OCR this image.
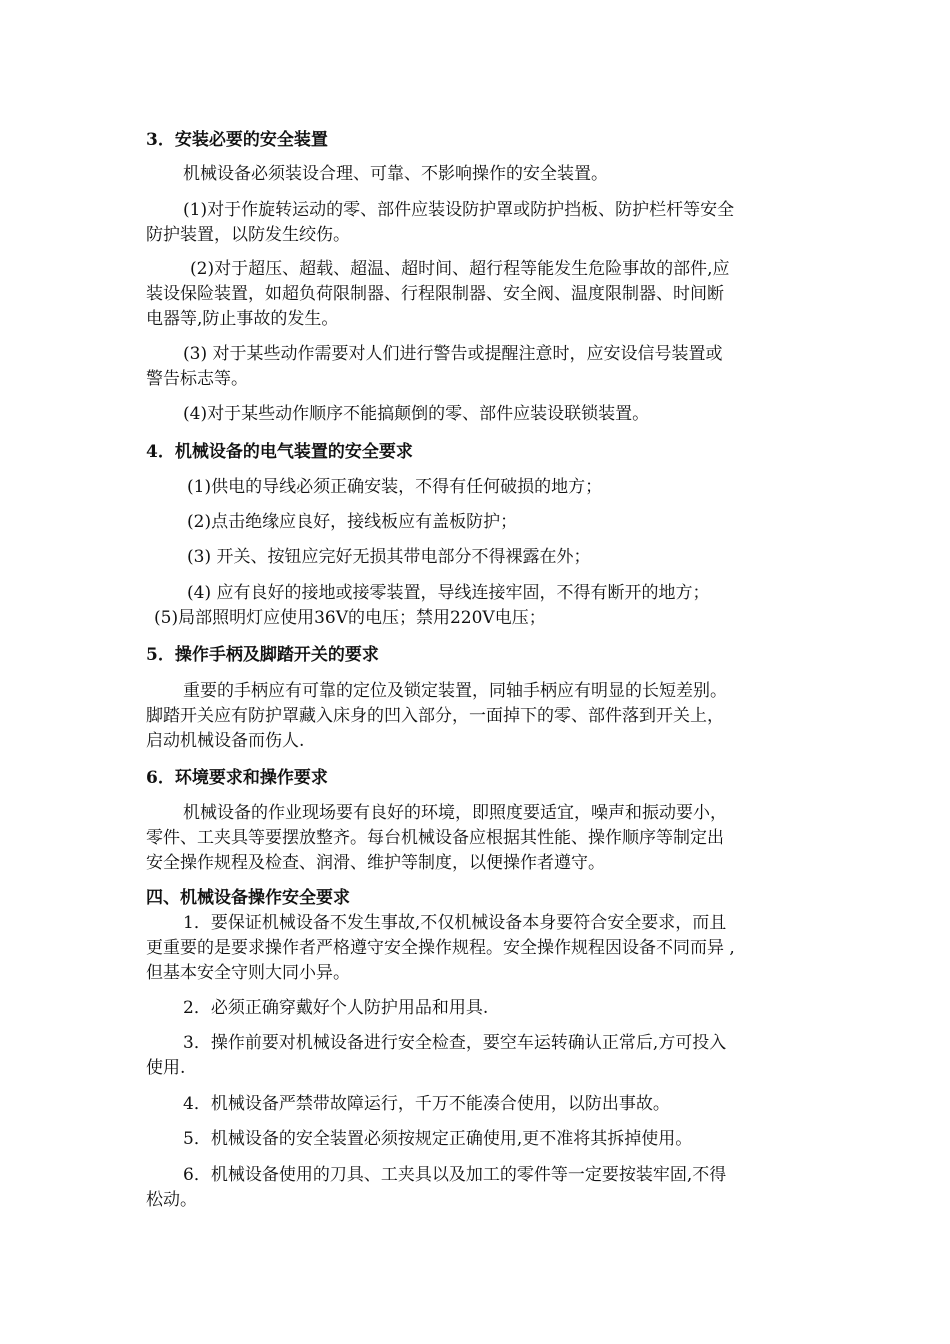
3．安装必要的安全装置
机械设备必须装设合理、可靠、不影响操作的安全装置。
(1)对于作旋转运动的零、部件应装设防护罩或防护挡板、防护栏杆等安全
防护装置，以防发生绞伤。
(2)对于超压、超载、超温、超时间、超行程等能发生危险事故的部件,应
装设保险装置，如超负荷限制器、行程限制器、安全阀、温度限制器、时间断
电器等,防止事故的发生。
(3) 对于某些动作需要对人们进行警告或提醒注意时，应安设信号装置或
警告标志等。
(4)对于某些动作顺序不能搞颠倒的零、部件应装设联锁装置。
4．机械设备的电气装置的安全要求
(1)供电的导线必须正确安装，不得有任何破损的地方；
(2)点击绝缘应良好，接线板应有盖板防护；
(3) 开关、按钮应完好无损其带电部分不得裸露在外；
(4) 应有良好的接地或接零装置，导线连接牢固，不得有断开的地方；
(5)局部照明灯应使用36V的电压；禁用220V电压；
5．操作手柄及脚踏开关的要求
重要的手柄应有可靠的定位及锁定装置，同轴手柄应有明显的长短差别。
脚踏开关应有防护罩藏入床身的凹入部分，一面掉下的零、部件落到开关上，
启动机械设备而伤人.
6．环境要求和操作要求
机械设备的作业现场要有良好的环境，即照度要适宜，噪声和振动要小，
零件、工夹具等要摆放整齐。每台机械设备应根据其性能、操作顺序等制定出
安全操作规程及检查、润滑、维护等制度，以便操作者遵守。
四、机械设备操作安全要求
1．要保证机械设备不发生事故,不仅机械设备本身要符合安全要求，而且
更重要的是要求操作者严格遵守安全操作规程。安全操作规程因设备不同而异 ,
但基本安全守则大同小异。
2．必须正确穿戴好个人防护用品和用具.
3．操作前要对机械设备进行安全检查，要空车运转确认正常后,方可投入
使用.
4．机械设备严禁带故障运行，千万不能凑合使用，以防出事故。
5．机械设备的安全装置必须按规定正确使用,更不准将其拆掉使用。
6．机械设备使用的刀具、工夹具以及加工的零件等一定要按装牢固,不得
松动。
